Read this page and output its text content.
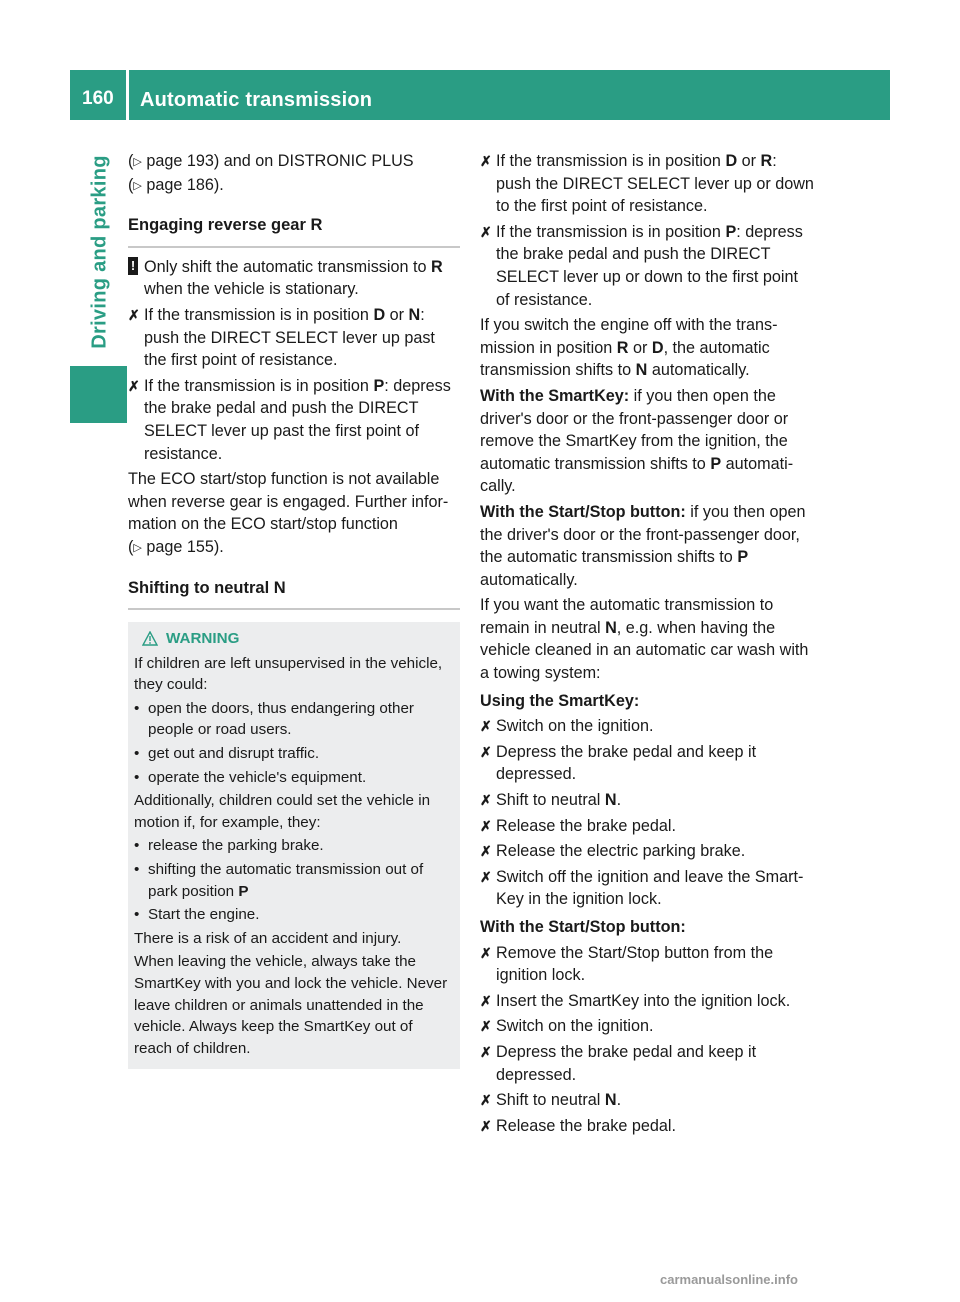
160	Automatic transmission
Driving and parking (▷ page 193) and on DISTRONIC PLUS
(▷ page 186).

Engaging reverse gear R
! Only shift the automatic transmission to R when the vehicle is stationary.
✗ If the transmission is in position D or N: push the DIRECT SELECT lever up past the first point of resistance.
✗ If the transmission is in position P: depress the brake pedal and push the DIRECT SELECT lever up past the first point of resistance.

The ECO start/stop function is not available when reverse gear is engaged. Further infor-mation on the ECO start/stop function
(▷ page 155).

Shifting to neutral N
WARNING

If children are left unsupervised in the vehicle, they could:

• open the doors, thus endangering other people or road users.
• get out and disrupt traffic.
• operate the vehicle's equipment.

Additionally, children could set the vehicle in motion if, for example, they:

• release the parking brake.
• shifting the automatic transmission out of park position P
• Start the engine.

There is a risk of an accident and injury.

When leaving the vehicle, always take the SmartKey with you and lock the vehicle. Never leave children or animals unattended in the vehicle. Always keep the SmartKey out of reach of children.

✗ If the transmission is in position D or R: push the DIRECT SELECT lever up or down to the first point of resistance.
✗ If the transmission is in position P: depress the brake pedal and push the DIRECT SELECT lever up or down to the first point of resistance.

If you switch the engine off with the trans-mission in position R or D, the automatic transmission shifts to N automatically.

With the SmartKey: if you then open the driver's door or the front-passenger door or remove the SmartKey from the ignition, the automatic transmission shifts to P automati-cally.

With the Start/Stop button: if you then open the driver's door or the front-passenger door, the automatic transmission shifts to P automatically.

If you want the automatic transmission to remain in neutral N, e.g. when having the vehicle cleaned in an automatic car wash with a towing system:

Using the SmartKey:
✗ Switch on the ignition.
✗ Depress the brake pedal and keep it depressed.
✗ Shift to neutral N.
✗ Release the brake pedal.
✗ Release the electric parking brake.
✗ Switch off the ignition and leave the Smart-Key in the ignition lock.
With the Start/Stop button:
✗ Remove the Start/Stop button from the ignition lock.
✗ Insert the SmartKey into the ignition lock.
✗ Switch on the ignition.
✗ Depress the brake pedal and keep it depressed.
✗ Shift to neutral N.
✗ Release the brake pedal.
carmanualsonline.info
